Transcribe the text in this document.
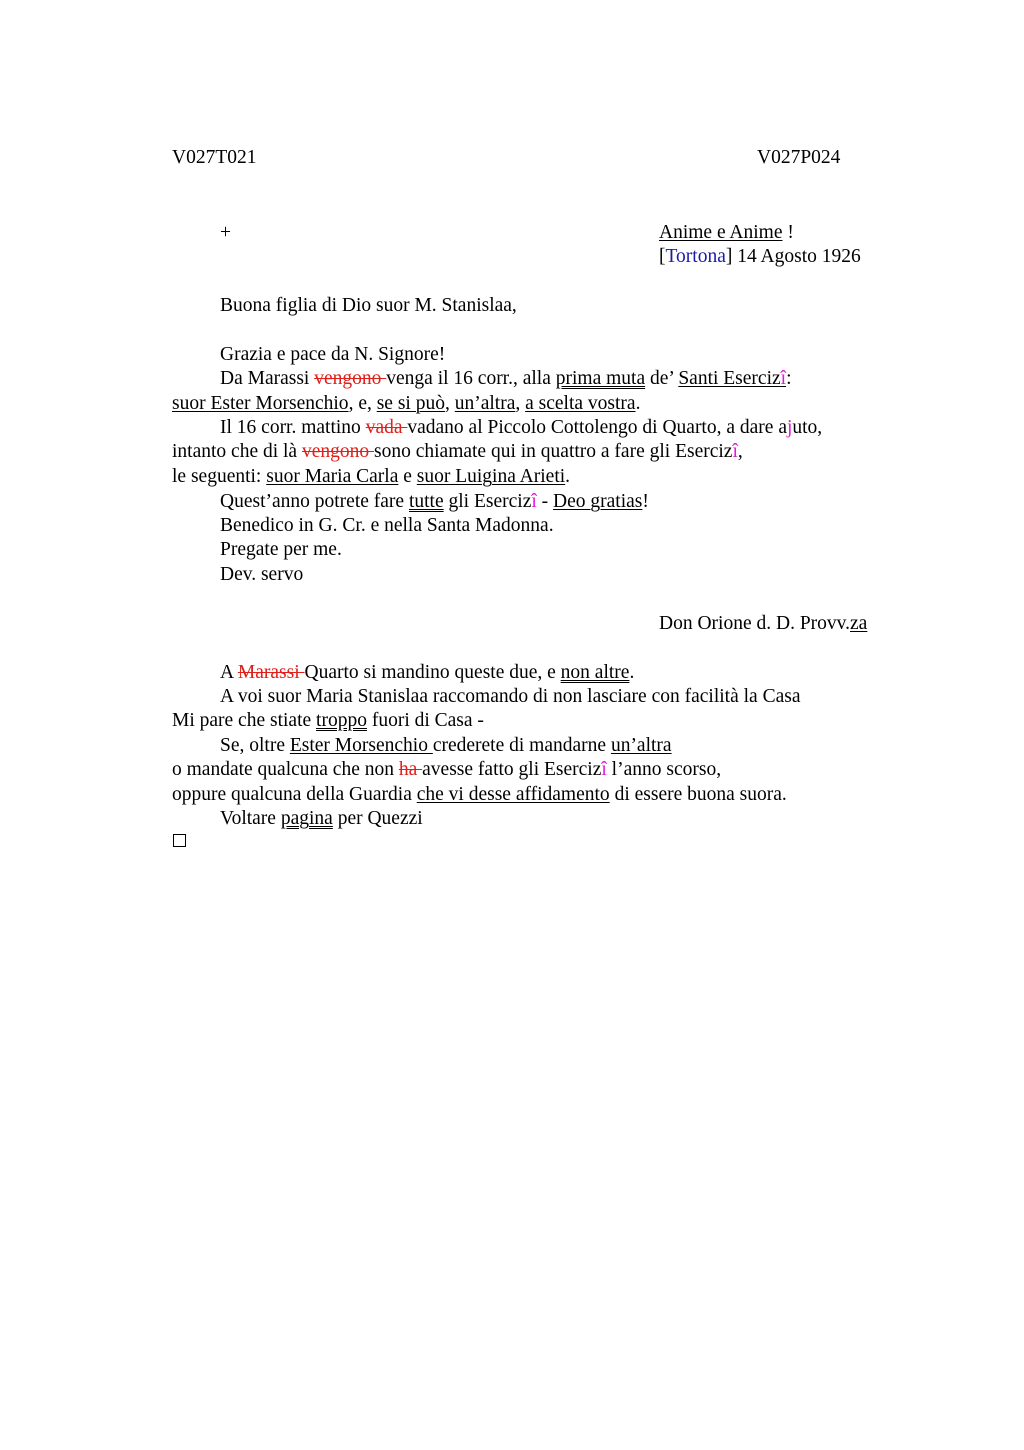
V027T021	V027P024
+	Anime e Anime !
[Tortona] 14 Agosto 1926
Buona figlia di Dio suor M. Stanislaa,
Grazia e pace da N. Signore!
Da Marassi vengono venga il 16 corr., alla prima muta de’ Santi Esercizî:
suor Ester Morsenchio, e, se si può, un’altra, a scelta vostra.
Il 16 corr. mattino vada vadano al Piccolo Cottolengo di Quarto, a dare ajuto,
intanto che di là vengono sono chiamate qui in quattro a fare gli Esercizî,
le seguenti: suor Maria Carla e suor Luigina Arieti.
Quest’anno potrete fare tutte gli Esercizî - Deo gratias!
Benedico in G. Cr. e nella Santa Madonna.
Pregate per me.
Dev. servo
Don Orione d. D. Provv.za
A Marassi Quarto si mandino queste due, e non altre.
A voi suor Maria Stanislaa raccomando di non lasciare con facilità la Casa
Mi pare che stiate troppo fuori di Casa -
Se, oltre Ester Morsenchio crederete di mandarne un’altra
o mandate qualcuna che non ha avesse fatto gli Esercizî l’anno scorso,
oppure qualcuna della Guardia che vi desse affidamento di essere buona suora.
Voltare pagina per Quezzi
